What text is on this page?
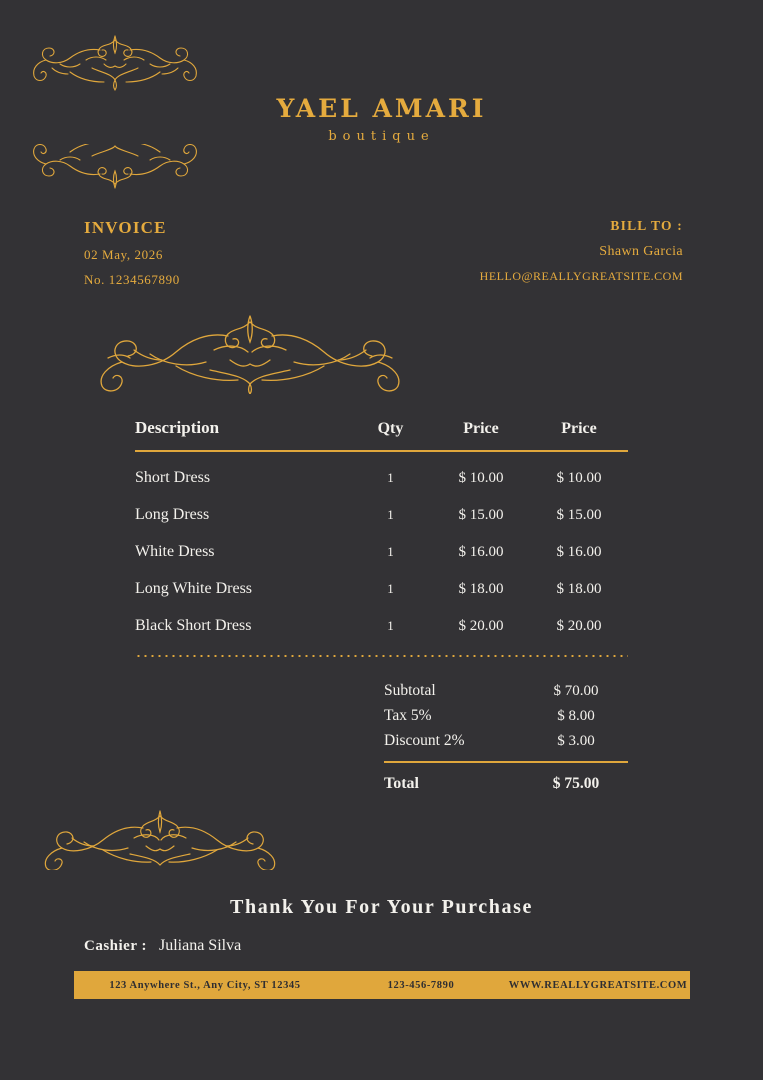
YAEL AMARI
boutique
INVOICE
02 May, 2026
No. 1234567890
BILL TO :
Shawn Garcia
HELLO@REALLYGREATSITE.COM
Description	Qty	Price	Price
Short Dress	1	$ 10.00	$ 10.00
Long Dress	1	$ 15.00	$ 15.00
White Dress	1	$ 16.00	$ 16.00
Long White Dress	1	$ 18.00	$ 18.00
Black Short Dress	1	$ 20.00	$ 20.00
Subtotal	$ 70.00
Tax 5%	$ 8.00
Discount 2%	$ 3.00
Total	$ 75.00
Thank You For Your Purchase
Cashier : Juliana Silva
123 Anywhere St., Any City, ST 12345	123-456-7890	WWW.REALLYGREATSITE.COM
